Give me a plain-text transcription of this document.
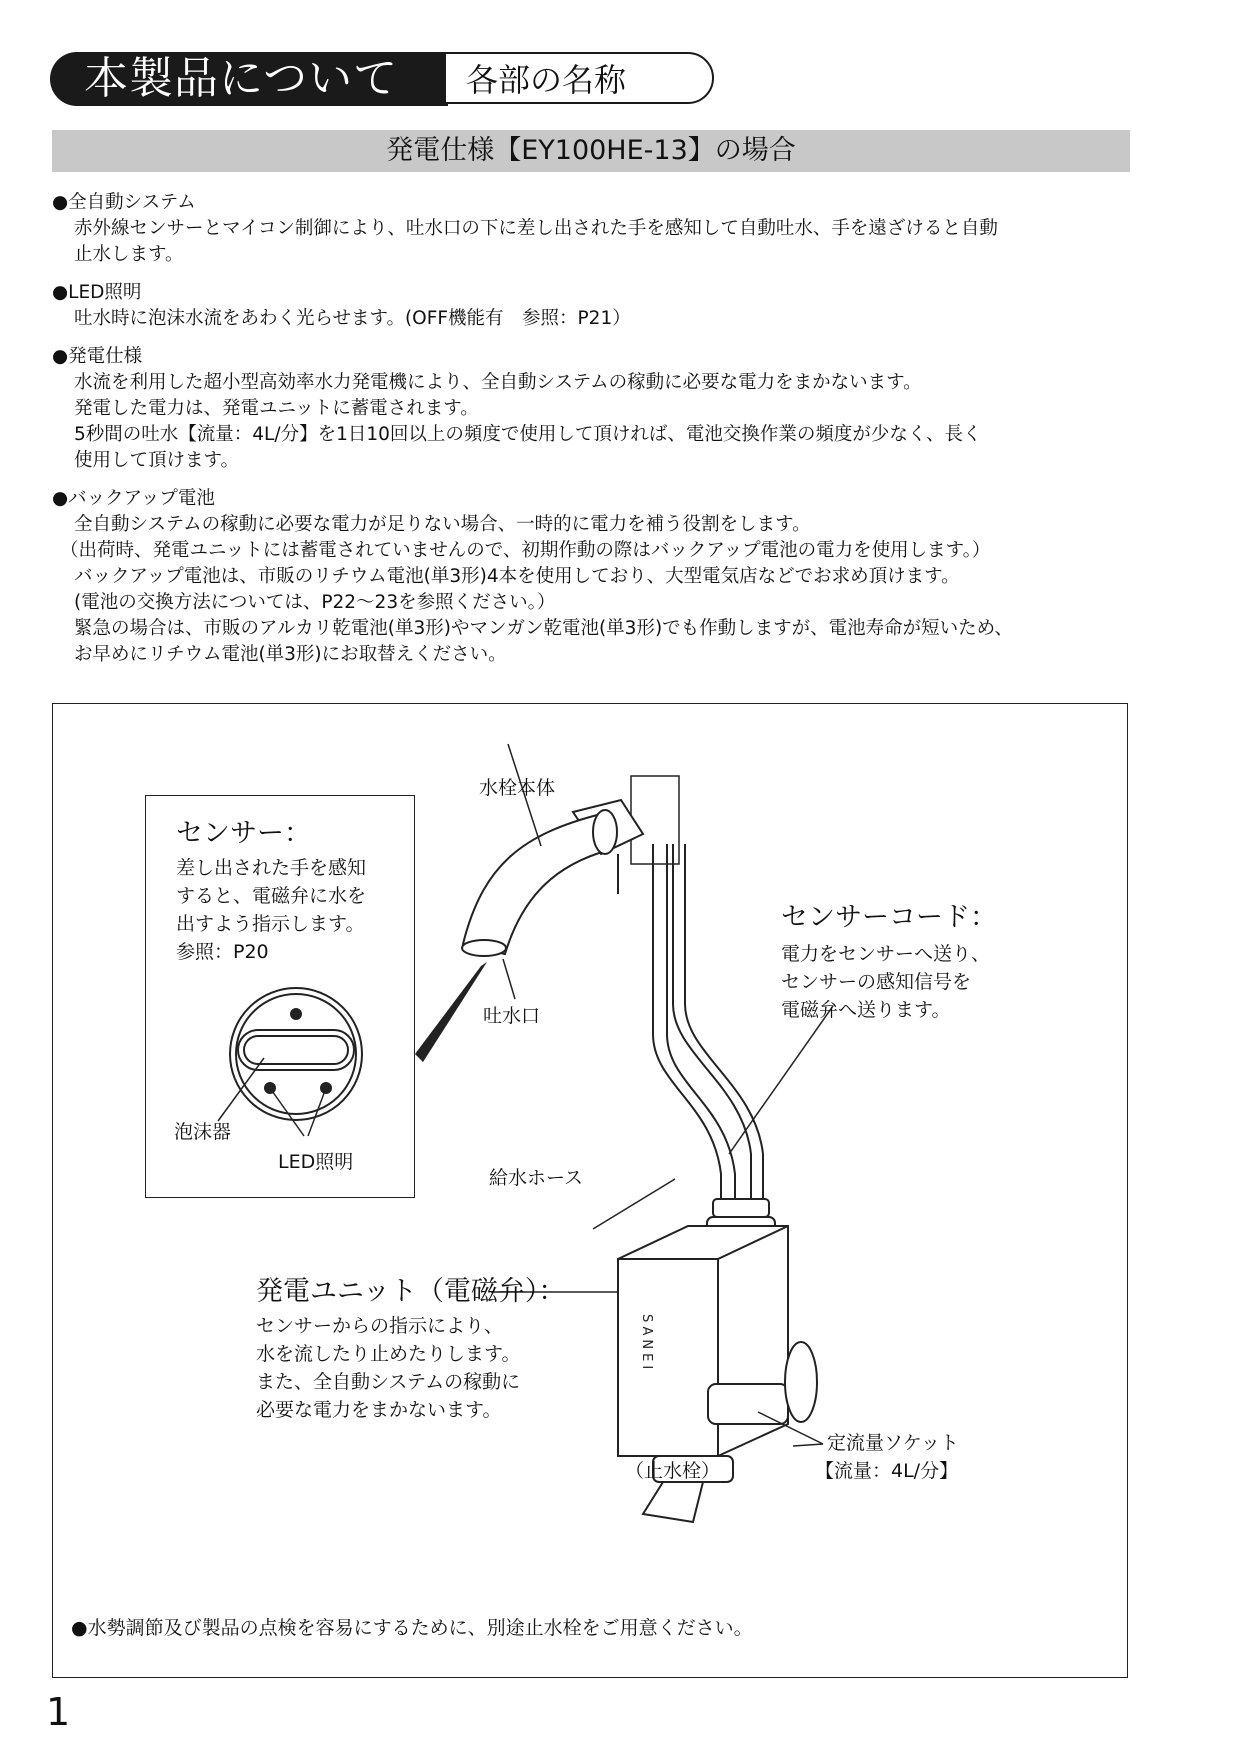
本製品について	各部の名称
発電仕様【EY100HE-13】の場合
●全自動システム
赤外線センサーとマイコン制御により、吐水口の下に差し出された手を感知して自動吐水、手を遠ざけると自動
止水します。
●LED照明
吐水時に泡沫水流をあわく光らせます。(OFF機能有　参照：P21）
●発電仕様
水流を利用した超小型高効率水力発電機により、全自動システムの稼動に必要な電力をまかないます。
発電した電力は、発電ユニットに蓄電されます。
5秒間の吐水【流量：4L/分】を1日10回以上の頻度で使用して頂ければ、電池交換作業の頻度が少なく、長く
使用して頂けます。
●バックアップ電池
全自動システムの稼動に必要な電力が足りない場合、一時的に電力を補う役割をします。
（出荷時、発電ユニットには蓄電されていませんので、初期作動の際はバックアップ電池の電力を使用します。）
バックアップ電池は、市販のリチウム電池(単3形)4本を使用しており、大型電気店などでお求め頂けます。
(電池の交換方法については、P22～23を参照ください。）
緊急の場合は、市販のアルカリ乾電池(単3形)やマンガン乾電池(単3形)でも作動しますが、電池寿命が短いため、
お早めにリチウム電池(単3形)にお取替えください。
SANEI
水栓本体
吐水口
センサーコード：
電力をセンサーへ送り、
センサーの感知信号を
電磁弁へ送ります。
給水ホース
発電ユニット（電磁弁）：
センサーからの指示により、
水を流したり止めたりします。
また、全自動システムの稼動に
必要な電力をまかないます。
定流量ソケット
【流量：4L/分】
（止水栓）
●水勢調節及び製品の点検を容易にするために、別途止水栓をご用意ください。
センサー：
差し出された手を感知
すると、電磁弁に水を
出すよう指示します。
参照：P20
泡沫器
LED照明
1
